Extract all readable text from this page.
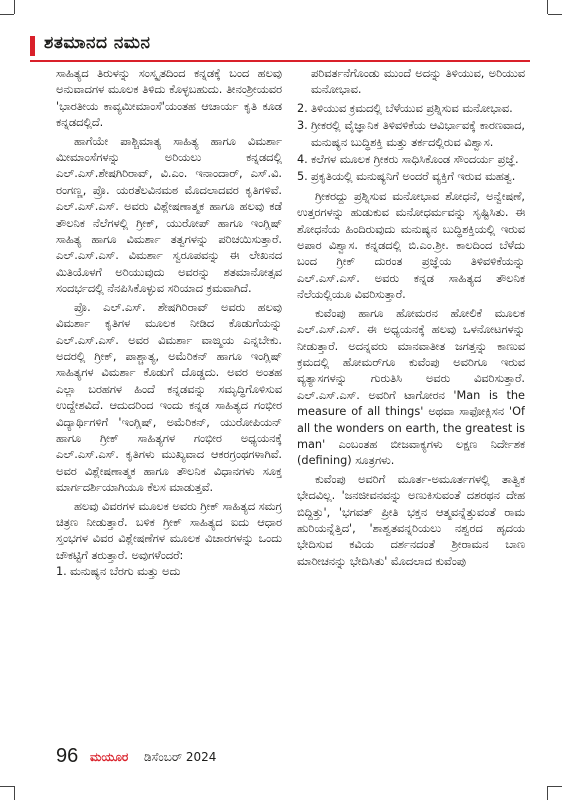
ಶತಮಾನದ ನಮನ

ಸಾಹಿತ್ಯದ ತಿರುಳನ್ನು ಸಂಸ್ಕೃತದಿಂದ ಕನ್ನಡಕ್ಕೆ ಬಂದ ಹಲವು ಅನುವಾದಗಳ ಮೂಲಕ ತಿಳಿದು ಕೊಳ್ಳಬಹುದು. ತೀನಂಶ್ರೀಯವರ 'ಭಾರತೀಯ ಕಾವ್ಯಮೀಮಾಂಸೆ'ಯಂತಹ ಆಚಾರ್ಯ ಕೃತಿ ಕೂಡ ಕನ್ನಡದಲ್ಲಿದೆ.

ಹಾಗೆಯೇ ಪಾಶ್ಚಿಮಾತ್ಯ ಸಾಹಿತ್ಯ ಹಾಗೂ ವಿಮರ್ಶಾ ಮೀಮಾಂಸೆಗಳನ್ನು ಅರಿಯಲು ಕನ್ನಡದಲ್ಲಿ ಎಲ್.ಎಸ್.ಶೇಷಗಿರಿರಾವ್, ವಿ.ಎಂ. ಇನಾಂದಾರ್, ಎಸ್.ವಿ. ರಂಗಣ್ಣ, ಪ್ರೊ. ಯರತೆಲವಿನಮಠ ಮೊದಲಾದವರ ಕೃತಿಗಳಿವೆ. ಎಲ್.ಎಸ್.ಎಸ್. ಅವರು ವಿಶ್ಲೇಷಣಾತ್ಮಕ ಹಾಗೂ ಹಲವು ಕಡೆ ತೌಲನಿಕ ನೆಲೆಗಳಲ್ಲಿ ಗ್ರೀಕ್, ಯುರೋಪ್ ಹಾಗೂ ಇಂಗ್ಲಿಷ್ ಸಾಹಿತ್ಯ ಹಾಗೂ ವಿಮರ್ಶಾ ತತ್ವಗಳನ್ನು ಪರಿಚಯಿಸುತ್ತಾರೆ. ಎಲ್.ಎಸ್.ಎಸ್. ವಿಮರ್ಶಾ ಸ್ವರೂಪವನ್ನು ಈ ಲೇಖನದ ಮಿತಿಯೊಳಗೆ ಅರಿಯುವುದು ಅವರನ್ನು ಶತಮಾನೋತ್ಸವ ಸಂದರ್ಭದಲ್ಲಿ ನೆನಪಿಸಿಕೊಳ್ಳುವ ಸರಿಯಾದ ಕ್ರಮವಾಗಿದೆ.

ಪ್ರೊ. ಎಲ್.ಎಸ್. ಶೇಷಗಿರಿರಾವ್ ಅವರು ಹಲವು ವಿಮರ್ಶಾ ಕೃತಿಗಳ ಮೂಲಕ ನೀಡಿದ ಕೊಡುಗೆಯನ್ನು ಎಲ್.ಎಸ್.ಎಸ್. ಅವರ ವಿಮರ್ಶಾ ವಾಙ್ಮಯ ಎನ್ನಬೇಕು. ಅದರಲ್ಲಿ ಗ್ರೀಕ್, ಪಾಶ್ಚಾತ್ಯ, ಅಮೆರಿಕನ್ ಹಾಗೂ ಇಂಗ್ಲಿಷ್ ಸಾಹಿತ್ಯಗಳ ವಿಮರ್ಶಾ ಕೊಡುಗೆ ದೊಡ್ಡದು. ಅವರ ಅಂತಹ ಎಲ್ಲಾ ಬರಹಗಳ ಹಿಂದೆ ಕನ್ನಡವನ್ನು ಸಮೃದ್ಧಿಗೊಳಿಸುವ ಉದ್ದೇಶವಿದೆ. ಆದುದರಿಂದ ಇಂದು ಕನ್ನಡ ಸಾಹಿತ್ಯದ ಗಂಭೀರ ವಿದ್ಯಾರ್ಥಿಗಳಿಗೆ 'ಇಂಗ್ಲಿಷ್, ಅಮೆರಿಕನ್, ಯುರೋಪಿಯನ್ ಹಾಗೂ ಗ್ರೀಕ್ ಸಾಹಿತ್ಯಗಳ ಗಂಭೀರ ಅಧ್ಯಯನಕ್ಕೆ ಎಲ್.ಎಸ್.ಎಸ್. ಕೃತಿಗಳು ಮುಖ್ಯವಾದ ಆಕರಗ್ರಂಥಗಳಾಗಿವೆ. ಅವರ ವಿಶ್ಲೇಷಣಾತ್ಮಕ ಹಾಗೂ ತೌಲನಿಕ ವಿಧಾನಗಳು ಸೂಕ್ತ ಮಾರ್ಗದರ್ಶಿಯಾಗಿಯೂ ಕೆಲಸ ಮಾಡುತ್ತವೆ.

ಹಲವು ವಿವರಗಳ ಮೂಲಕ ಅವರು ಗ್ರೀಕ್ ಸಾಹಿತ್ಯದ ಸಮಗ್ರ ಚಿತ್ರಣ ನೀಡುತ್ತಾರೆ. ಬಳಿಕ ಗ್ರೀಕ್ ಸಾಹಿತ್ಯದ ಐದು ಆಧಾರ ಸ್ತಂಭಗಳ ವಿವರ ವಿಶ್ಲೇಷಣೆಗಳ ಮೂಲಕ ವಿಚಾರಗಳನ್ನು ಒಂದು ಚೌಕಟ್ಟಿಗೆ ತರುತ್ತಾರೆ. ಅವುಗಳೆಂದರೆ:

1. ಮನುಷ್ಯನ ಬೆರಗು ಮತ್ತು ಅದು

ಪರಿವರ್ತನೆಗೊಂಡು ಮುಂದೆ ಅದನ್ನು ತಿಳಿಯುವ, ಅರಿಯುವ ಮನೋಭಾವ.

2. ತಿಳಿಯುವ ಕ್ರಮದಲ್ಲಿ ಬೆಳೆಯುವ ಪ್ರಶ್ನಿಸುವ ಮನೋಭಾವ.
3. ಗ್ರೀಕರಲ್ಲಿ ವೈಜ್ಞಾನಿಕ ತಿಳಿವಳಿಕೆಯ ಆವಿರ್ಭಾವಕ್ಕೆ ಕಾರಣವಾದ, ಮನುಷ್ಯನ ಬುದ್ಧಿಶಕ್ತಿ ಮತ್ತು ತರ್ಕದಲ್ಲಿರುವ ವಿಶ್ವಾಸ.
4. ಕಲೆಗಳ ಮೂಲಕ ಗ್ರೀಕರು ಸಾಧಿಸಿಕೊಂಡ ಸೌಂದರ್ಯ ಪ್ರಜ್ಞೆ.
5. ಪ್ರಕೃತಿಯಲ್ಲಿ ಮನುಷ್ಯನಿಗೆ ಅಂದರೆ ವ್ಯಕ್ತಿಗೆ ಇರುವ ಮಹತ್ವ.

ಗ್ರೀಕರದ್ದು ಪ್ರಶ್ನಿಸುವ ಮನೋಭಾವ ಶೋಧನೆ, ಅನ್ವೇಷಣೆ, ಉತ್ತರಗಳನ್ನು ಹುಡುಕುವ ಮನೋಧರ್ಮವನ್ನು ಸೃಷ್ಟಿಸಿತು. ಈ ಶೋಧನೆಯ ಹಿಂದಿರುವುದು ಮನುಷ್ಯನ ಬುದ್ಧಿಶಕ್ತಿಯಲ್ಲಿ ಇರುವ ಅಪಾರ ವಿಶ್ವಾಸ. ಕನ್ನಡದಲ್ಲಿ ಬಿ.ಎಂ.ಶ್ರೀ. ಕಾಲದಿಂದ ಬೆಳೆದು ಬಂದ ಗ್ರೀಕ್ ದುರಂತ ಪ್ರಜ್ಞೆಯ ತಿಳಿವಳಿಕೆಯನ್ನು ಎಲ್.ಎಸ್.ಎಸ್. ಅವರು ಕನ್ನಡ ಸಾಹಿತ್ಯದ ತೌಲನಿಕ ನೆಲೆಯಲ್ಲಿಯೂ ವಿವರಿಸುತ್ತಾರೆ.

ಕುವೆಂಪು ಹಾಗೂ ಹೋಮರನ ಹೋಲಿಕೆ ಮೂಲಕ ಎಲ್.ಎಸ್.ಎಸ್. ಈ ಅಧ್ಯಯನಕ್ಕೆ ಹಲವು ಒಳನೋಟಗಳನ್ನು ನೀಡುತ್ತಾರೆ. ಅದನ್ನವರು ಮಾನವಾತೀತ ಜಗತ್ತನ್ನು ಕಾಣುವ ಕ್ರಮದಲ್ಲಿ ಹೋಮರ್‌ಗೂ ಕುವೆಂಪು ಅವರಿಗೂ ಇರುವ ವ್ಯತ್ಯಾಸಗಳನ್ನು ಗುರುತಿಸಿ ಅವರು ವಿವರಿಸುತ್ತಾರೆ. ಎಲ್.ಎಸ್.ಎಸ್. ಅವರಿಗೆ ಟಾಗೋರನ 'Man is the measure of all things' ಅಥವಾ ಸಾಫೋಕ್ಲಿಸನ 'Of all the wonders on earth, the greatest is man' ಎಂಬಂತಹ ಬೀಜವಾಕ್ಯಗಳು ಲಕ್ಷಣ ನಿರ್ದೇಶಕ (defining) ಸೂತ್ರಗಳು.

ಕುವೆಂಪು ಅವರಿಗೆ ಮೂರ್ತ-ಅಮೂರ್ತಗಳಲ್ಲಿ ತಾತ್ವಿಕ ಭೇದವಿಲ್ಲ. 'ಜನಜೀವನವನ್ನು ಅಣುಕಿಸುವಂತೆ ದಶರಥನ ದೇಹ ಬಿದ್ದಿತ್ತು', 'ಭಗವತ್ ಪ್ರೀತಿ ಭಕ್ತನ ಆತ್ಮವನ್ನೆತ್ತುವಂತೆ ರಾಮ ಹುರಿಯನ್ನೆತ್ತಿದ', 'ಶಾಶ್ವತವನ್ನರಿಯಲು ನಶ್ವರದ ಹೃದಯ ಭೇದಿಸುವ ಕವಿಯ ದರ್ಶನದಂತೆ ಶ್ರೀರಾಮನ ಬಾಣ ಮಾರೀಚನನ್ನು ಭೇದಿಸಿತು' ಮೊದಲಾದ ಕುವೆಂಪು

96 ಮಯೂರ ಡಿಸೆಂಬರ್ 2024
